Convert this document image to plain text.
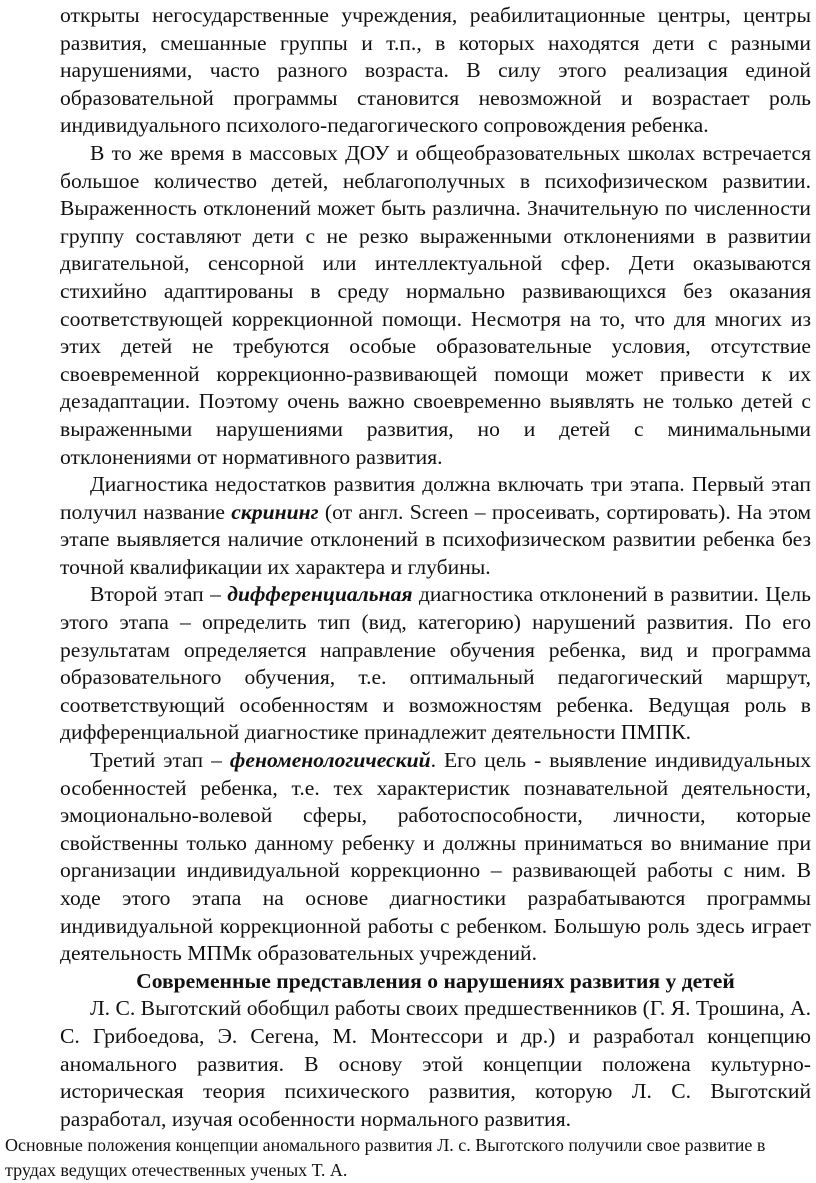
открыты негосударственные учреждения, реабилитационные центры, центры развития, смешанные группы и т.п., в которых находятся дети с разными нарушениями, часто разного возраста. В силу этого реализация единой образовательной программы становится невозможной и возрастает роль индивидуального психолого-педагогического сопровождения ребенка.

В то же время в массовых ДОУ и общеобразовательных школах встречается большое количество детей, неблагополучных в психофизическом развитии. Выраженность отклонений может быть различна. Значительную по численности группу составляют дети с не резко выраженными отклонениями в развитии двигательной, сенсорной или интеллектуальной сфер. Дети оказываются стихийно адаптированы в среду нормально развивающихся без оказания соответствующей коррекционной помощи. Несмотря на то, что для многих из этих детей не требуются особые образовательные условия, отсутствие своевременной коррекционно-развивающей помощи может привести к их дезадаптации. Поэтому очень важно своевременно выявлять не только детей с выраженными нарушениями развития, но и детей с минимальными отклонениями от нормативного развития.

Диагностика недостатков развития должна включать три этапа. Первый этап получил название скрининг (от англ. Screen – просеивать, сортировать). На этом этапе выявляется наличие отклонений в психофизическом развитии ребенка без точной квалификации их характера и глубины.

Второй этап – дифференциальная диагностика отклонений в развитии. Цель этого этапа – определить тип (вид, категорию) нарушений развития. По его результатам определяется направление обучения ребенка, вид и программа образовательного обучения, т.е. оптимальный педагогический маршрут, соответствующий особенностям и возможностям ребенка. Ведущая роль в дифференциальной диагностике принадлежит деятельности ПМПК.

Третий этап – феноменологический. Его цель - выявление индивидуальных особенностей ребенка, т.е. тех характеристик познавательной деятельности, эмоционально-волевой сферы, работоспособности, личности, которые свойственны только данному ребенку и должны приниматься во внимание при организации индивидуальной коррекционно – развивающей работы с ним. В ходе этого этапа на основе диагностики разрабатываются программы индивидуальной коррекционной работы с ребенком. Большую роль здесь играет деятельность МПМк образовательных учреждений.

Современные представления о нарушениях развития у детей

Л. С. Выготский обобщил работы своих предшественников (Г. Я. Трошина, А. С. Грибоедова, Э. Сегена, М. Монтессори и др.) и разработал концепцию аномального развития. В основу этой концепции положена культурно-историческая теория психического развития, которую Л. С. Выготский разработал, изучая особенности нормального развития.

Основные положения концепции аномального развития Л. с. Выготского получили свое развитие в трудах ведущих отечественных ученых Т. А.
